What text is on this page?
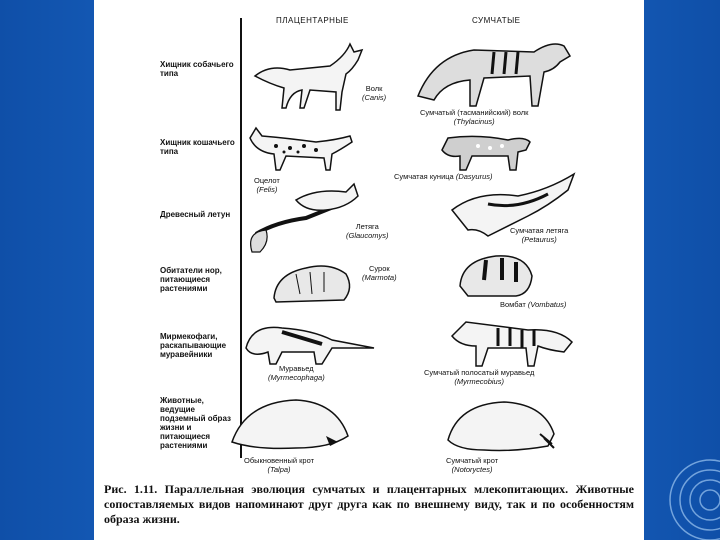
ПЛАЦЕНТАРНЫЕ	СУМЧАТЫЕ
Хищник собачьего типа
Хищник кошачьего типа
Древесный летун
Обитатели нор, питающиеся растениями
Мирмекофаги, раскапывающие муравейники
Животные, ведущие подземный образ жизни и питающиеся растениями
Волк
(Canis)
Оцелот
(Felis)
Летяга
(Glaucomys)
Сурок
(Marmota)
Муравьед
(Myrmecophaga)
Обыкновенный крот
(Talpa)
Сумчатый (тасманийский) волк
(Thylacinus)
Сумчатая куница (Dasyurus)
Сумчатая летяга
(Petaurus)
Вомбат (Vombatus)
Сумчатый полосатый муравьед
(Myrmecobius)
Сумчатый крот
(Notoryctes)
Рис. 1.11. Параллельная эволюция сумчатых и плацентарных млекопитающих. Животные сопоставляемых видов напоминают друг друга как по внешнему виду, так и по особенностям образа жизни.
